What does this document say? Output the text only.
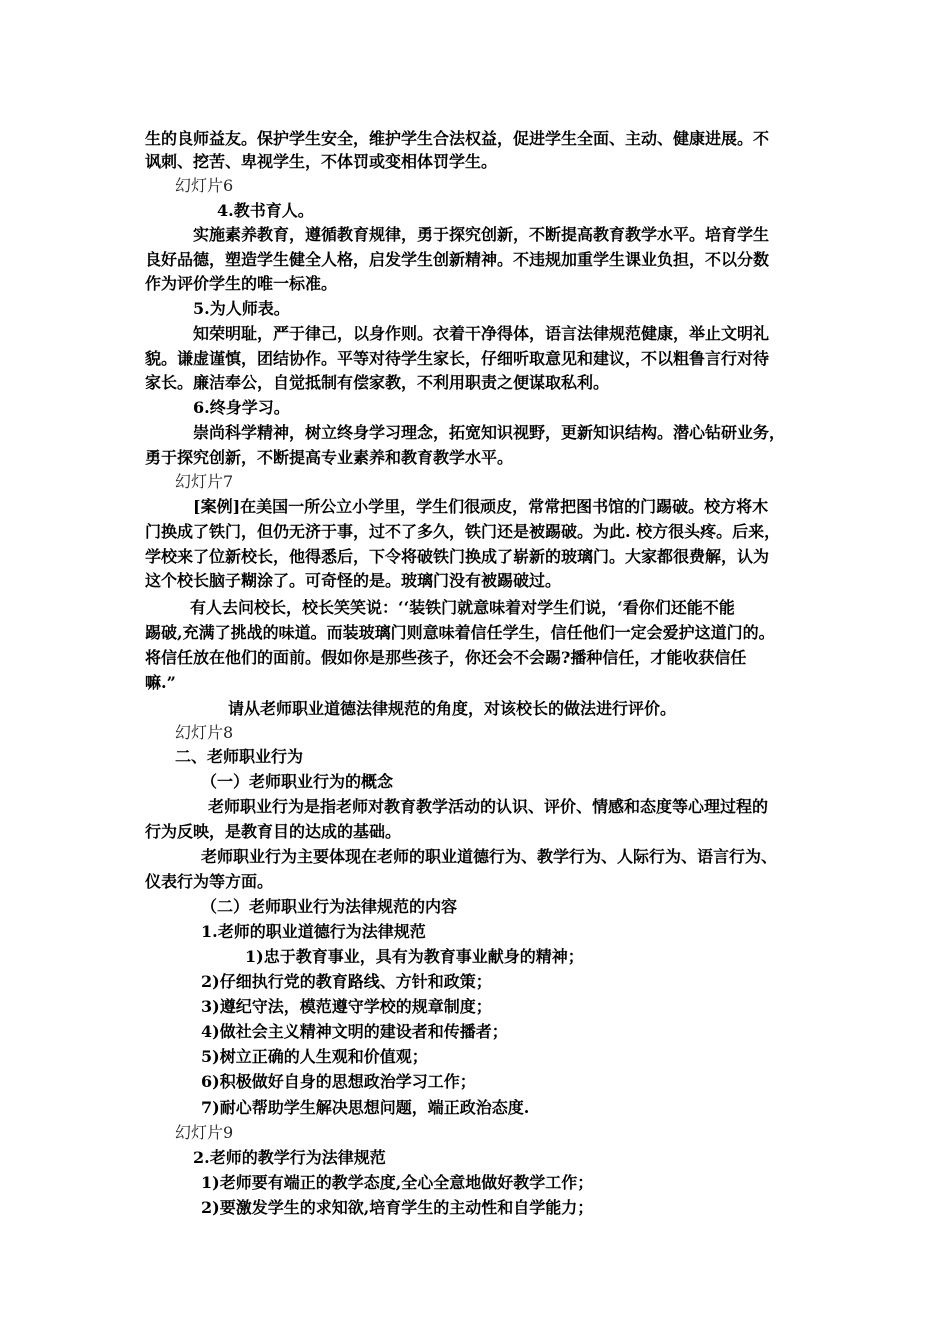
生的良师益友。保护学生安全，维护学生合法权益，促进学生全面、主动、健康进展。不
讽刺、挖苦、卑视学生，不体罚或变相体罚学生。
幻灯片6
4.教书育人。
实施素养教育，遵循教育规律，勇于探究创新，不断提高教育教学水平。培育学生
良好品德，塑造学生健全人格，启发学生创新精神。不违规加重学生课业负担，不以分数
作为评价学生的唯一标准。
5.为人师表。
知荣明耻，严于律己，以身作则。衣着干净得体，语言法律规范健康，举止文明礼
貌。谦虚谨慎，团结协作。平等对待学生家长，仔细听取意见和建议，不以粗鲁言行对待
家长。廉洁奉公，自觉抵制有偿家教，不利用职责之便谋取私利。
6.终身学习。
崇尚科学精神，树立终身学习理念，拓宽知识视野，更新知识结构。潜心钻研业务，
勇于探究创新，不断提高专业素养和教育教学水平。
幻灯片7
[案例]在美国一所公立小学里，学生们很顽皮，常常把图书馆的门踢破。校方将木
门换成了铁门，但仍无济于事，过不了多久，铁门还是被踢破。为此. 校方很头疼。后来，
学校来了位新校长，他得悉后，下令将破铁门换成了崭新的玻璃门。大家都很费解，认为
这个校长脑子糊涂了。可奇怪的是。玻璃门没有被踢破过。
有人去问校长，校长笑笑说：‘‘装铁门就意味着对学生们说，‘看你们还能不能
踢破,充满了挑战的味道。而装玻璃门则意味着信任学生，信任他们一定会爱护这道门的。
将信任放在他们的面前。假如你是那些孩子，你还会不会踢?播种信任，才能收获信任
嘛.”
请从老师职业道德法律规范的角度，对该校长的做法进行评价。
幻灯片8
二、老师职业行为
（一）老师职业行为的概念
老师职业行为是指老师对教育教学活动的认识、评价、情感和态度等心理过程的
行为反映，是教育目的达成的基础。
老师职业行为主要体现在老师的职业道德行为、教学行为、人际行为、语言行为、
仪表行为等方面。
（二）老师职业行为法律规范的内容
1.老师的职业道德行为法律规范
1)忠于教育事业，具有为教育事业献身的精神；
2)仔细执行党的教育路线、方针和政策；
3)遵纪守法，模范遵守学校的规章制度；
4)做社会主义精神文明的建设者和传播者；
5)树立正确的人生观和价值观；
6)积极做好自身的思想政治学习工作；
7)耐心帮助学生解决思想问题，端正政治态度.
幻灯片9
2.老师的教学行为法律规范
1)老师要有端正的教学态度,全心全意地做好教学工作；
2)要激发学生的求知欲,培育学生的主动性和自学能力；
